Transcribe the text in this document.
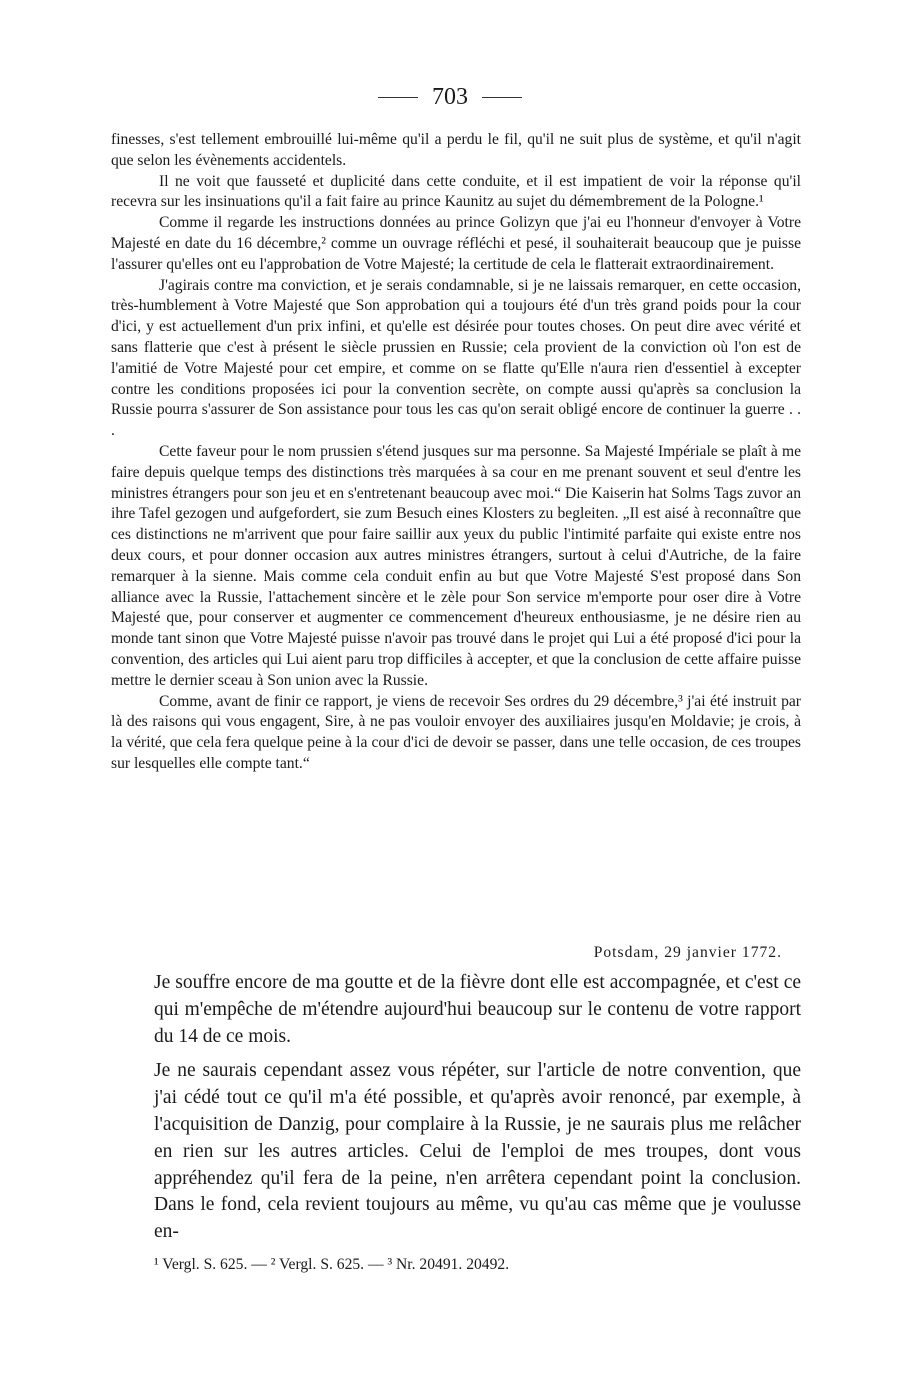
703

finesses, s'est tellement embrouillé lui-même qu'il a perdu le fil, qu'il ne suit plus de système, et qu'il n'agit que selon les évènements accidentels.

Il ne voit que fausseté et duplicité dans cette conduite, et il est impatient de voir la réponse qu'il recevra sur les insinuations qu'il a fait faire au prince Kaunitz au sujet du démembrement de la Pologne.¹

Comme il regarde les instructions données au prince Golizyn que j'ai eu l'honneur d'envoyer à Votre Majesté en date du 16 décembre,² comme un ouvrage réfléchi et pesé, il souhaiterait beaucoup que je puisse l'assurer qu'elles ont eu l'approbation de Votre Majesté; la certitude de cela le flatterait extraordinairement.

J'agirais contre ma conviction, et je serais condamnable, si je ne laissais remarquer, en cette occasion, très-humblement à Votre Majesté que Son approbation qui a toujours été d'un très grand poids pour la cour d'ici, y est actuellement d'un prix infini, et qu'elle est désirée pour toutes choses. On peut dire avec vérité et sans flatterie que c'est à présent le siècle prussien en Russie; cela provient de la conviction où l'on est de l'amitié de Votre Majesté pour cet empire, et comme on se flatte qu'Elle n'aura rien d'essentiel à excepter contre les conditions proposées ici pour la convention secrète, on compte aussi qu'après sa conclusion la Russie pourra s'assurer de Son assistance pour tous les cas qu'on serait obligé encore de continuer la guerre . . .

Cette faveur pour le nom prussien s'étend jusques sur ma personne. Sa Majesté Impériale se plaît à me faire depuis quelque temps des distinctions très marquées à sa cour en me prenant souvent et seul d'entre les ministres étrangers pour son jeu et en s'entretenant beaucoup avec moi.“ Die Kaiserin hat Solms Tags zuvor an ihre Tafel gezogen und aufgefordert, sie zum Besuch eines Klosters zu begleiten. „Il est aisé à reconnaître que ces distinctions ne m'arrivent que pour faire saillir aux yeux du public l'intimité parfaite qui existe entre nos deux cours, et pour donner occasion aux autres ministres étrangers, surtout à celui d'Autriche, de la faire remarquer à la sienne. Mais comme cela conduit enfin au but que Votre Majesté S'est proposé dans Son alliance avec la Russie, l'attachement sincère et le zèle pour Son service m'emporte pour oser dire à Votre Majesté que, pour conserver et augmenter ce commencement d'heureux enthousiasme, je ne désire rien au monde tant sinon que Votre Majesté puisse n'avoir pas trouvé dans le projet qui Lui a été proposé d'ici pour la convention, des articles qui Lui aient paru trop difficiles à accepter, et que la conclusion de cette affaire puisse mettre le dernier sceau à Son union avec la Russie.

Comme, avant de finir ce rapport, je viens de recevoir Ses ordres du 29 décembre,³ j'ai été instruit par là des raisons qui vous engagent, Sire, à ne pas vouloir envoyer des auxiliaires jusqu'en Moldavie; je crois, à la vérité, que cela fera quelque peine à la cour d'ici de devoir se passer, dans une telle occasion, de ces troupes sur lesquelles elle compte tant.“

Potsdam, 29 janvier 1772.

Je souffre encore de ma goutte et de la fièvre dont elle est accompagnée, et c'est ce qui m'empêche de m'étendre aujourd'hui beaucoup sur le contenu de votre rapport du 14 de ce mois.

Je ne saurais cependant assez vous répéter, sur l'article de notre convention, que j'ai cédé tout ce qu'il m'a été possible, et qu'après avoir renoncé, par exemple, à l'acquisition de Danzig, pour complaire à la Russie, je ne saurais plus me relâcher en rien sur les autres articles. Celui de l'emploi de mes troupes, dont vous appréhendez qu'il fera de la peine, n'en arrêtera cependant point la conclusion. Dans le fond, cela revient toujours au même, vu qu'au cas même que je voulusse en-

¹ Vergl. S. 625. — ² Vergl. S. 625. — ³ Nr. 20491. 20492.
